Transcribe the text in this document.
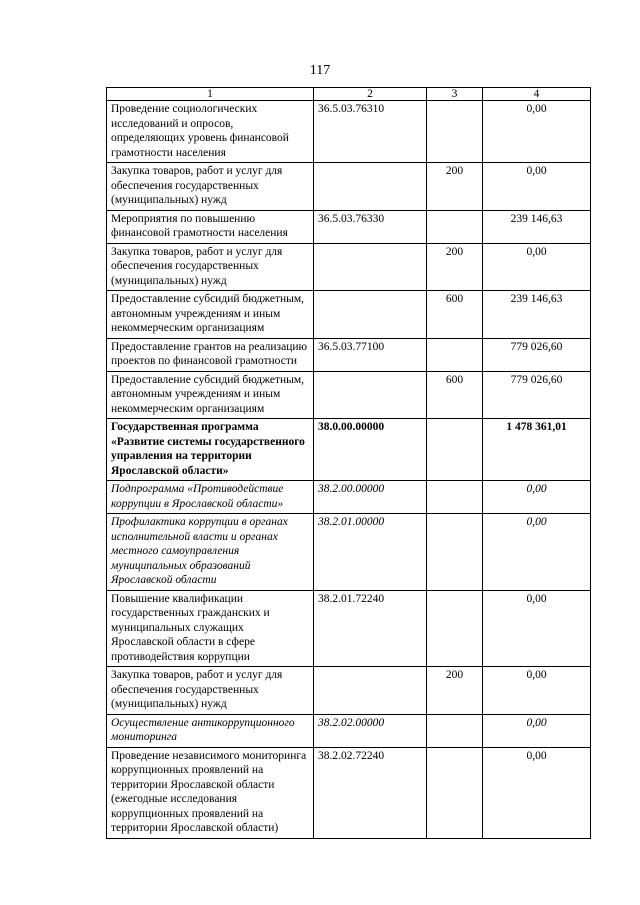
117
1	2	3	4
Проведение социологических исследований и опросов, определяющих уровень финансовой грамотности населения	36.5.03.76310		0,00
Закупка товаров, работ и услуг для обеспечения государственных (муниципальных) нужд		200	0,00
Мероприятия по повышению финансовой грамотности населения	36.5.03.76330		239 146,63
Закупка товаров, работ и услуг для обеспечения государственных (муниципальных) нужд		200	0,00
Предоставление субсидий бюджетным, автономным учреждениям и иным некоммерческим организациям		600	239 146,63
Предоставление грантов на реализацию проектов по финансовой грамотности	36.5.03.77100		779 026,60
Предоставление субсидий бюджетным, автономным учреждениям и иным некоммерческим организациям		600	779 026,60
Государственная программа «Развитие системы государственного управления на территории Ярославской области»	38.0.00.00000		1 478 361,01
Подпрограмма «Противодействие коррупции в Ярославской области»	38.2.00.00000		0,00
Профилактика коррупции в органах исполнительной власти и органах местного самоуправления муниципальных образований Ярославской области	38.2.01.00000		0,00
Повышение квалификации государственных гражданских и муниципальных служащих Ярославской области в сфере противодействия коррупции	38.2.01.72240		0,00
Закупка товаров, работ и услуг для обеспечения государственных (муниципальных) нужд		200	0,00
Осуществление антикоррупционного мониторинга	38.2.02.00000		0,00
Проведение независимого мониторинга коррупционных проявлений на территории Ярославской области (ежегодные исследования коррупционных проявлений на территории Ярославской области)	38.2.02.72240		0,00
